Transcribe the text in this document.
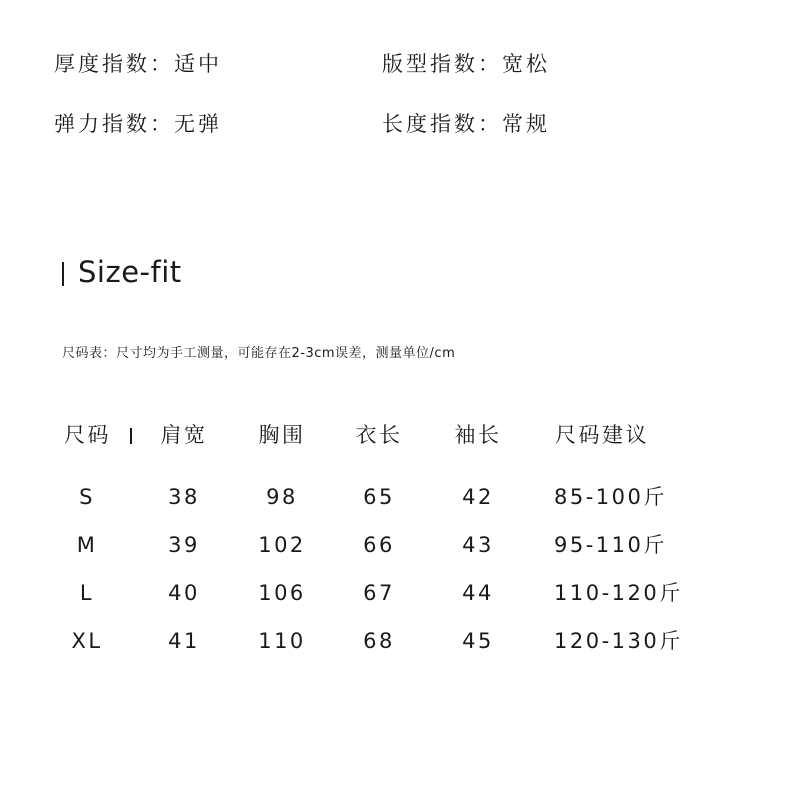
厚度指数：适中	版型指数：宽松
弹力指数：无弹	长度指数：常规
Size-fit
尺码表：尺寸均为手工测量，可能存在2-3cm误差，测量单位/cm
尺码 肩宽 胸围 衣长 袖长	尺码建议
S	38	98	65	42	85-100斤
M	39	102	66	43	95-110斤
L	40	106	67	44	110-120斤
XL	41	110	68	45	120-130斤
